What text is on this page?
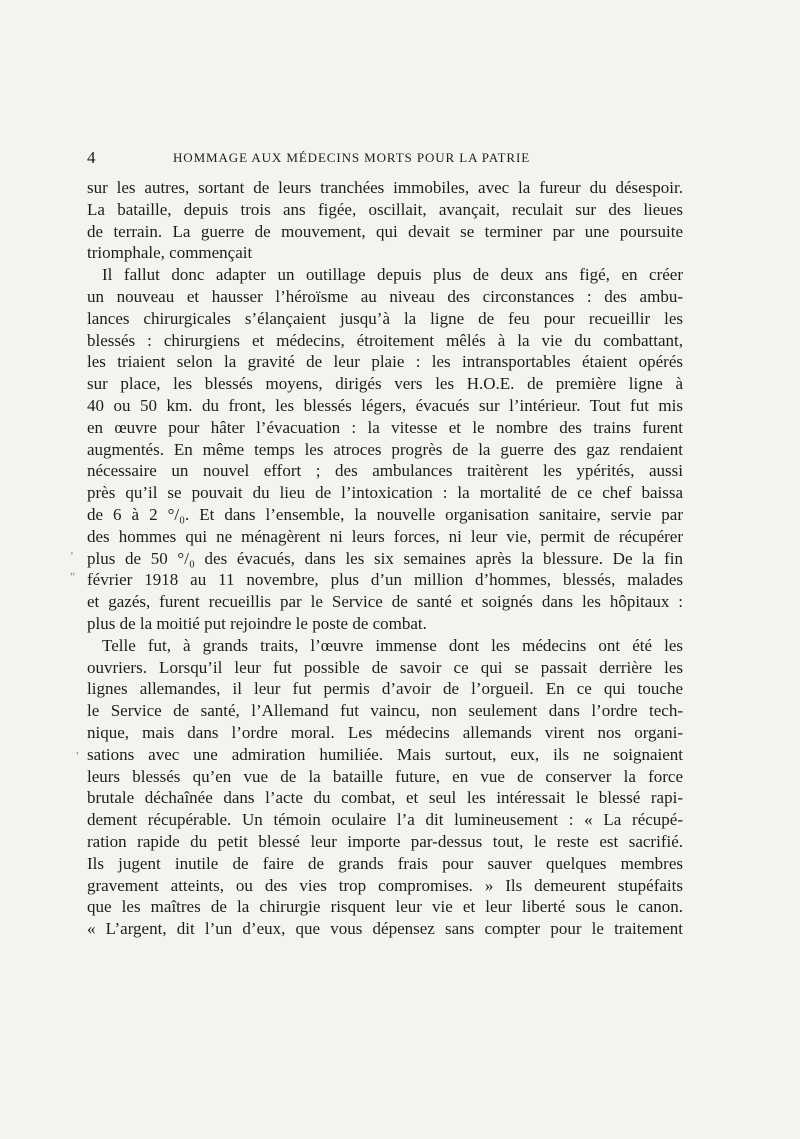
4	HOMMAGE AUX MÉDECINS MORTS POUR LA PATRIE
sur les autres, sortant de leurs tranchées immobiles, avec la fureur du désespoir.
La bataille, depuis trois ans figée, oscillait, avançait, reculait sur des lieues
de terrain. La guerre de mouvement, qui devait se terminer par une poursuite
triomphale, commençait
Il fallut donc adapter un outillage depuis plus de deux ans figé, en créer
un nouveau et hausser l’héroïsme au niveau des circonstances : des ambu-
lances chirurgicales s’élançaient jusqu’à la ligne de feu pour recueillir les
blessés : chirurgiens et médecins, étroitement mêlés à la vie du combattant,
les triaient selon la gravité de leur plaie : les intransportables étaient opérés
sur place, les blessés moyens, dirigés vers les H.O.E. de première ligne à
40 ou 50 km. du front, les blessés légers, évacués sur l’intérieur. Tout fut mis
en œuvre pour hâter l’évacuation : la vitesse et le nombre des trains furent
augmentés. En même temps les atroces progrès de la guerre des gaz rendaient
nécessaire un nouvel effort ; des ambulances traitèrent les ypérités, aussi
près qu’il se pouvait du lieu de l’intoxication : la mortalité de ce chef baissa
de 6 à 2 °/₀. Et dans l’ensemble, la nouvelle organisation sanitaire, servie par
des hommes qui ne ménagèrent ni leurs forces, ni leur vie, permit de récupérer
plus de 50 °/₀ des évacués, dans les six semaines après la blessure. De la fin
février 1918 au 11 novembre, plus d’un million d’hommes, blessés, malades
et gazés, furent recueillis par le Service de santé et soignés dans les hôpitaux :
plus de la moitié put rejoindre le poste de combat.
Telle fut, à grands traits, l’œuvre immense dont les médecins ont été les
ouvriers. Lorsqu’il leur fut possible de savoir ce qui se passait derrière les
lignes allemandes, il leur fut permis d’avoir de l’orgueil. En ce qui touche
le Service de santé, l’Allemand fut vaincu, non seulement dans l’ordre tech-
nique, mais dans l’ordre moral. Les médecins allemands virent nos organi-
sations avec une admiration humiliée. Mais surtout, eux, ils ne soignaient
leurs blessés qu’en vue de la bataille future, en vue de conserver la force
brutale déchaînée dans l’acte du combat, et seul les intéressait le blessé rapi-
dement récupérable. Un témoin oculaire l’a dit lumineusement : « La récupé-
ration rapide du petit blessé leur importe par-dessus tout, le reste est sacrifié.
Ils jugent inutile de faire de grands frais pour sauver quelques membres
gravement atteints, ou des vies trop compromises. » Ils demeurent stupéfaits
que les maîtres de la chirurgie risquent leur vie et leur liberté sous le canon.
« L’argent, dit l’un d’eux, que vous dépensez sans compter pour le traitement
’
”
,
